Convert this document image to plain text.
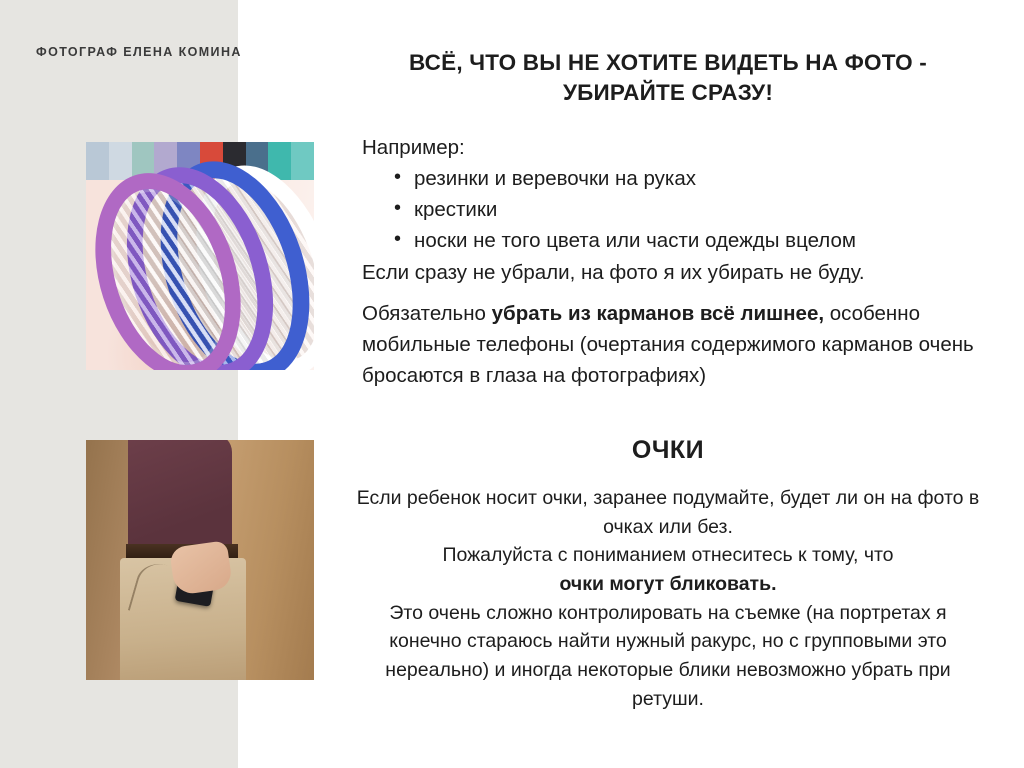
ФОТОГРАФ ЕЛЕНА КОМИНА	ВСЁ, ЧТО ВЫ НЕ ХОТИТЕ ВИДЕТЬ НА ФОТО - УБИРАЙТЕ СРАЗУ!
Например:
• резинки и веревочки на руках
• крестики
• носки не того цвета или части одежды вцелом
Если сразу не убрали, на фото я их убирать не буду.
Обязательно убрать из карманов всё лишнее, особенно мобильные телефоны (очертания содержимого карманов очень бросаются в глаза на фотографиях)
ОЧКИ
Если ребенок носит очки, заранее подумайте, будет ли он на фото в очках или без.
Пожалуйста с пониманием отнеситесь к тому, что
очки могут бликовать.
Это очень сложно контролировать на съемке (на портретах я конечно стараюсь найти нужный ракурс, но с групповыми это нереально) и иногда некоторые блики невозможно убрать при ретуши.
